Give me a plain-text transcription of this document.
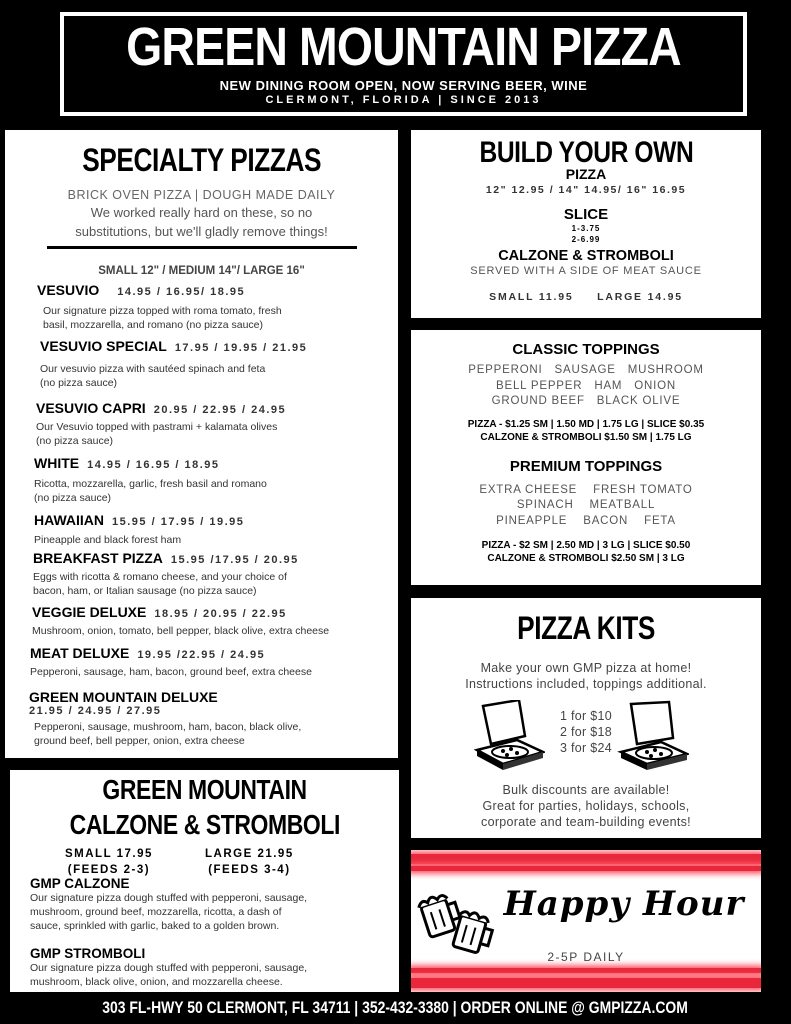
GREEN MOUNTAIN PIZZA
NEW DINING ROOM OPEN, NOW SERVING BEER, WINE
CLERMONT, FLORIDA | SINCE 2013
SPECIALTY PIZZAS
BRICK OVEN PIZZA | DOUGH MADE DAILY
We worked really hard on these, so no
substitutions, but we'll gladly remove things!
SMALL 12" / MEDIUM 14"/ LARGE 16"
VESUVIO 14.95 / 16.95/ 18.95
Our signature pizza topped with roma tomato, fresh
basil, mozzarella, and romano (no pizza sauce)
VESUVIO SPECIAL 17.95 / 19.95 / 21.95
Our vesuvio pizza with sautéed spinach and feta
(no pizza sauce)
VESUVIO CAPRI 20.95 / 22.95 / 24.95
Our Vesuvio topped with pastrami + kalamata olives
(no pizza sauce)
WHITE 14.95 / 16.95 / 18.95
Ricotta, mozzarella, garlic, fresh basil and romano
(no pizza sauce)
HAWAIIAN 15.95 / 17.95 / 19.95
Pineapple and black forest ham
BREAKFAST PIZZA 15.95 /17.95 / 20.95
Eggs with ricotta & romano cheese, and your choice of
bacon, ham, or Italian sausage (no pizza sauce)
VEGGIE DELUXE 18.95 / 20.95 / 22.95
Mushroom, onion, tomato, bell pepper, black olive, extra cheese
MEAT DELUXE 19.95 /22.95 / 24.95
Pepperoni, sausage, ham, bacon, ground beef, extra cheese
GREEN MOUNTAIN DELUXE
21.95 / 24.95 / 27.95
Pepperoni, sausage, mushroom, ham, bacon, black olive,
ground beef, bell pepper, onion, extra cheese
GREEN MOUNTAIN
CALZONE & STROMBOLI
SMALL 17.95
(FEEDS 2-3)
LARGE 21.95
(FEEDS 3-4)
GMP CALZONE
Our signature pizza dough stuffed with pepperoni, sausage,
mushroom, ground beef, mozzarella, ricotta, a dash of
sauce, sprinkled with garlic, baked to a golden brown.
GMP STROMBOLI
Our signature pizza dough stuffed with pepperoni, sausage,
mushroom, black olive, onion, and mozzarella cheese.
BUILD YOUR OWN
PIZZA
12" 12.95 / 14" 14.95/ 16" 16.95
SLICE
1-3.75
2-6.99
CALZONE & STROMBOLI
SERVED WITH A SIDE OF MEAT SAUCE
SMALL 11.95     LARGE 14.95
CLASSIC TOPPINGS
PEPPERONI   SAUSAGE   MUSHROOM
BELL PEPPER   HAM   ONION
GROUND BEEF   BLACK OLIVE
PIZZA - $1.25 SM | 1.50 MD | 1.75 LG | SLICE $0.35
CALZONE & STROMBOLI $1.50 SM | 1.75 LG
PREMIUM TOPPINGS
EXTRA CHEESE    FRESH TOMATO
SPINACH    MEATBALL
PINEAPPLE    BACON    FETA
PIZZA - $2 SM | 2.50 MD | 3 LG | SLICE $0.50
CALZONE & STROMBOLI $2.50 SM | 3 LG
PIZZA KITS
Make your own GMP pizza at home!
Instructions included, toppings additional.
1 for $10
2 for $18
3 for $24
Bulk discounts are available!
Great for parties, holidays, schools,
corporate and team-building events!
Happy Hour
2-5P DAILY
303 FL-HWY 50 CLERMONT, FL 34711 | 352-432-3380 | ORDER ONLINE @ GMPIZZA.COM
